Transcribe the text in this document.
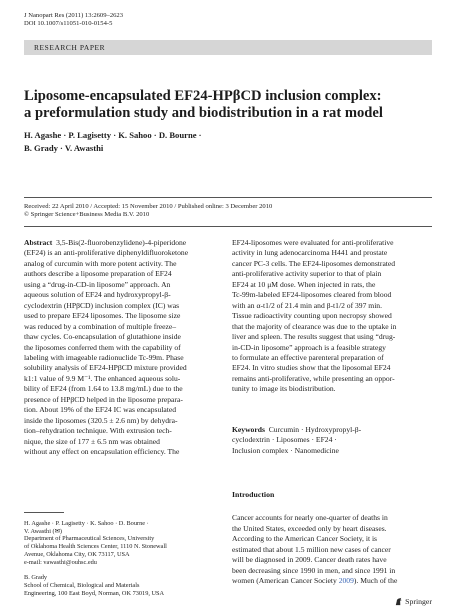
J Nanopart Res (2011) 13:2609–2623
DOI 10.1007/s11051-010-0154-5
RESEARCH PAPER
Liposome-encapsulated EF24-HPβCD inclusion complex:
a preformulation study and biodistribution in a rat model
H. Agashe · P. Lagisetty · K. Sahoo · D. Bourne ·
B. Grady · V. Awasthi
Received: 22 April 2010 / Accepted: 15 November 2010 / Published online: 3 December 2010
© Springer Science+Business Media B.V. 2010
Abstract 3,5-Bis(2-fluorobenzylidene)-4-piperidone
(EF24) is an anti-proliferative diphenyldifluoroketone
analog of curcumin with more potent activity. The
authors describe a liposome preparation of EF24
using a “drug-in-CD-in liposome” approach. An
aqueous solution of EF24 and hydroxypropyl-β-
cyclodextrin (HPβCD) inclusion complex (IC) was
used to prepare EF24 liposomes. The liposome size
was reduced by a combination of multiple freeze–
thaw cycles. Co-encapsulation of glutathione inside
the liposomes conferred them with the capability of
labeling with imageable radionuclide Tc-99m. Phase
solubility analysis of EF24-HPβCD mixture provided
k1:1 value of 9.9 M⁻¹. The enhanced aqueous solu-
bility of EF24 (from 1.64 to 13.8 mg/mL) due to the
presence of HPβCD helped in the liposome prepara-
tion. About 19% of the EF24 IC was encapsulated
inside the liposomes (320.5 ± 2.6 nm) by dehydra-
tion–rehydration technique. With extrusion tech-
nique, the size of 177 ± 6.5 nm was obtained
without any effect on encapsulation efficiency. The
EF24-liposomes were evaluated for anti-proliferative
activity in lung adenocarcinoma H441 and prostate
cancer PC-3 cells. The EF24-liposomes demonstrated
anti-proliferative activity superior to that of plain
EF24 at 10 μM dose. When injected in rats, the
Tc-99m-labeled EF24-liposomes cleared from blood
with an α-t1/2 of 21.4 min and β-t1/2 of 397 min.
Tissue radioactivity counting upon necropsy showed
that the majority of clearance was due to the uptake in
liver and spleen. The results suggest that using “drug-
in-CD-in liposome” approach is a feasible strategy
to formulate an effective parenteral preparation of
EF24. In vitro studies show that the liposomal EF24
remains anti-proliferative, while presenting an oppor-
tunity to image its biodistribution.
Keywords Curcumin · Hydroxypropyl-β-
cyclodextrin · Liposomes · EF24 ·
Inclusion complex · Nanomedicine
Introduction
Cancer accounts for nearly one-quarter of deaths in
the United States, exceeded only by heart diseases.
According to the American Cancer Society, it is
estimated that about 1.5 million new cases of cancer
will be diagnosed in 2009. Cancer death rates have
been decreasing since 1990 in men, and since 1991 in
women (American Cancer Society 2009). Much of the
H. Agashe · P. Lagisetty · K. Sahoo · D. Bourne ·
V. Awasthi (✉)
Department of Pharmaceutical Sciences, University
of Oklahoma Health Sciences Center, 1110 N. Stonewall
Avenue, Oklahoma City, OK 73117, USA
e-mail: vawasthi@ouhsc.edu
B. Grady
School of Chemical, Biological and Materials
Engineering, 100 East Boyd, Norman, OK 73019, USA
Springer
